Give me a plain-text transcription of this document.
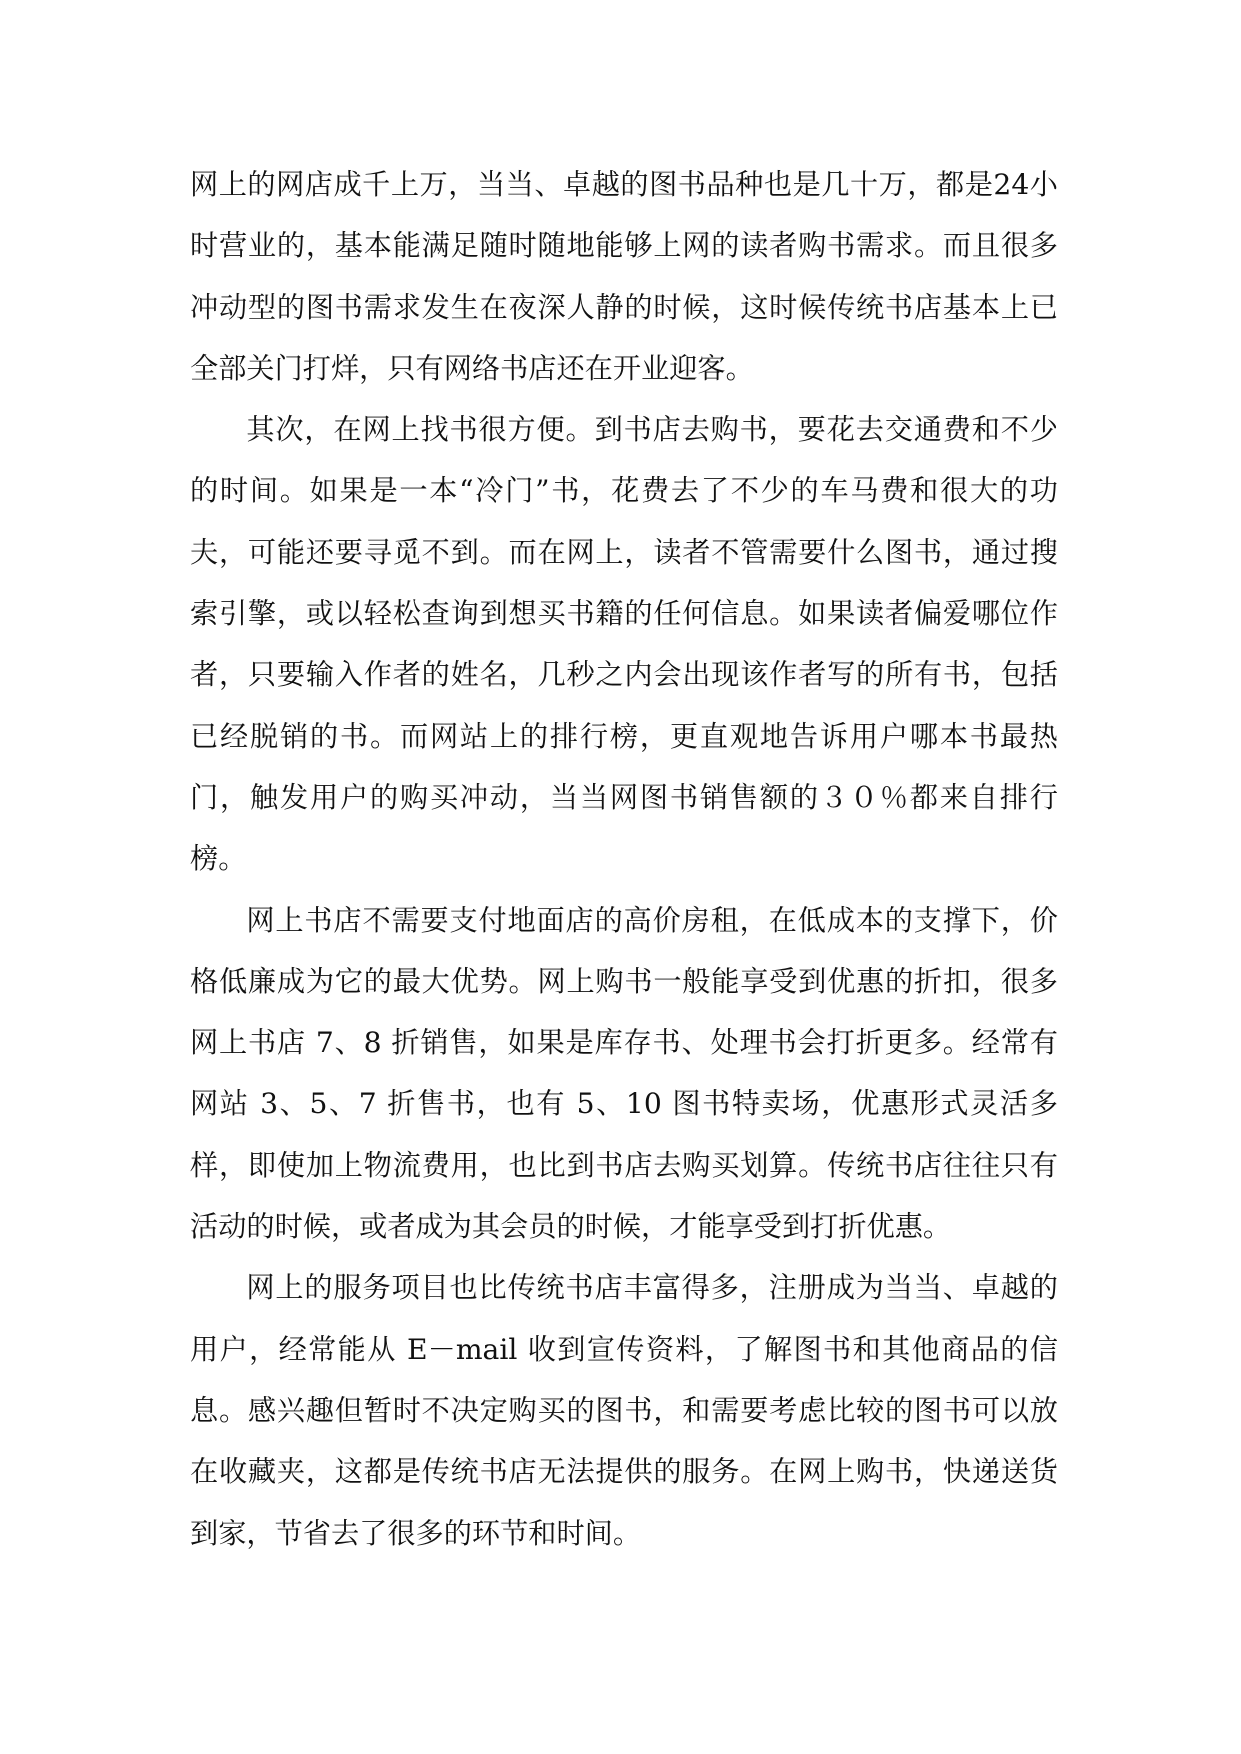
网上的网店成千上万，当当、卓越的图书品种也是几十万，都是24小时营业的，基本能满足随时随地能够上网的读者购书需求。而且很多冲动型的图书需求发生在夜深人静的时候，这时候传统书店基本上已全部关门打烊，只有网络书店还在开业迎客。

其次，在网上找书很方便。到书店去购书，要花去交通费和不少的时间。如果是一本“冷门”书，花费去了不少的车马费和很大的功夫，可能还要寻觅不到。而在网上，读者不管需要什么图书，通过搜索引擎，或以轻松查询到想买书籍的任何信息。如果读者偏爱哪位作者，只要输入作者的姓名，几秒之内会出现该作者写的所有书，包括已经脱销的书。而网站上的排行榜，更直观地告诉用户哪本书最热门，触发用户的购买冲动，当当网图书销售额的３０％都来自排行榜。

网上书店不需要支付地面店的高价房租，在低成本的支撑下，价格低廉成为它的最大优势。网上购书一般能享受到优惠的折扣，很多网上书店 7、8 折销售，如果是库存书、处理书会打折更多。经常有网站 3、5、7 折售书，也有 5、10 图书特卖场，优惠形式灵活多样，即使加上物流费用，也比到书店去购买划算。传统书店往往只有活动的时候，或者成为其会员的时候，才能享受到打折优惠。

网上的服务项目也比传统书店丰富得多，注册成为当当、卓越的用户，经常能从 E－mail 收到宣传资料，了解图书和其他商品的信息。感兴趣但暂时不决定购买的图书，和需要考虑比较的图书可以放在收藏夹，这都是传统书店无法提供的服务。在网上购书，快递送货到家，节省去了很多的环节和时间。
